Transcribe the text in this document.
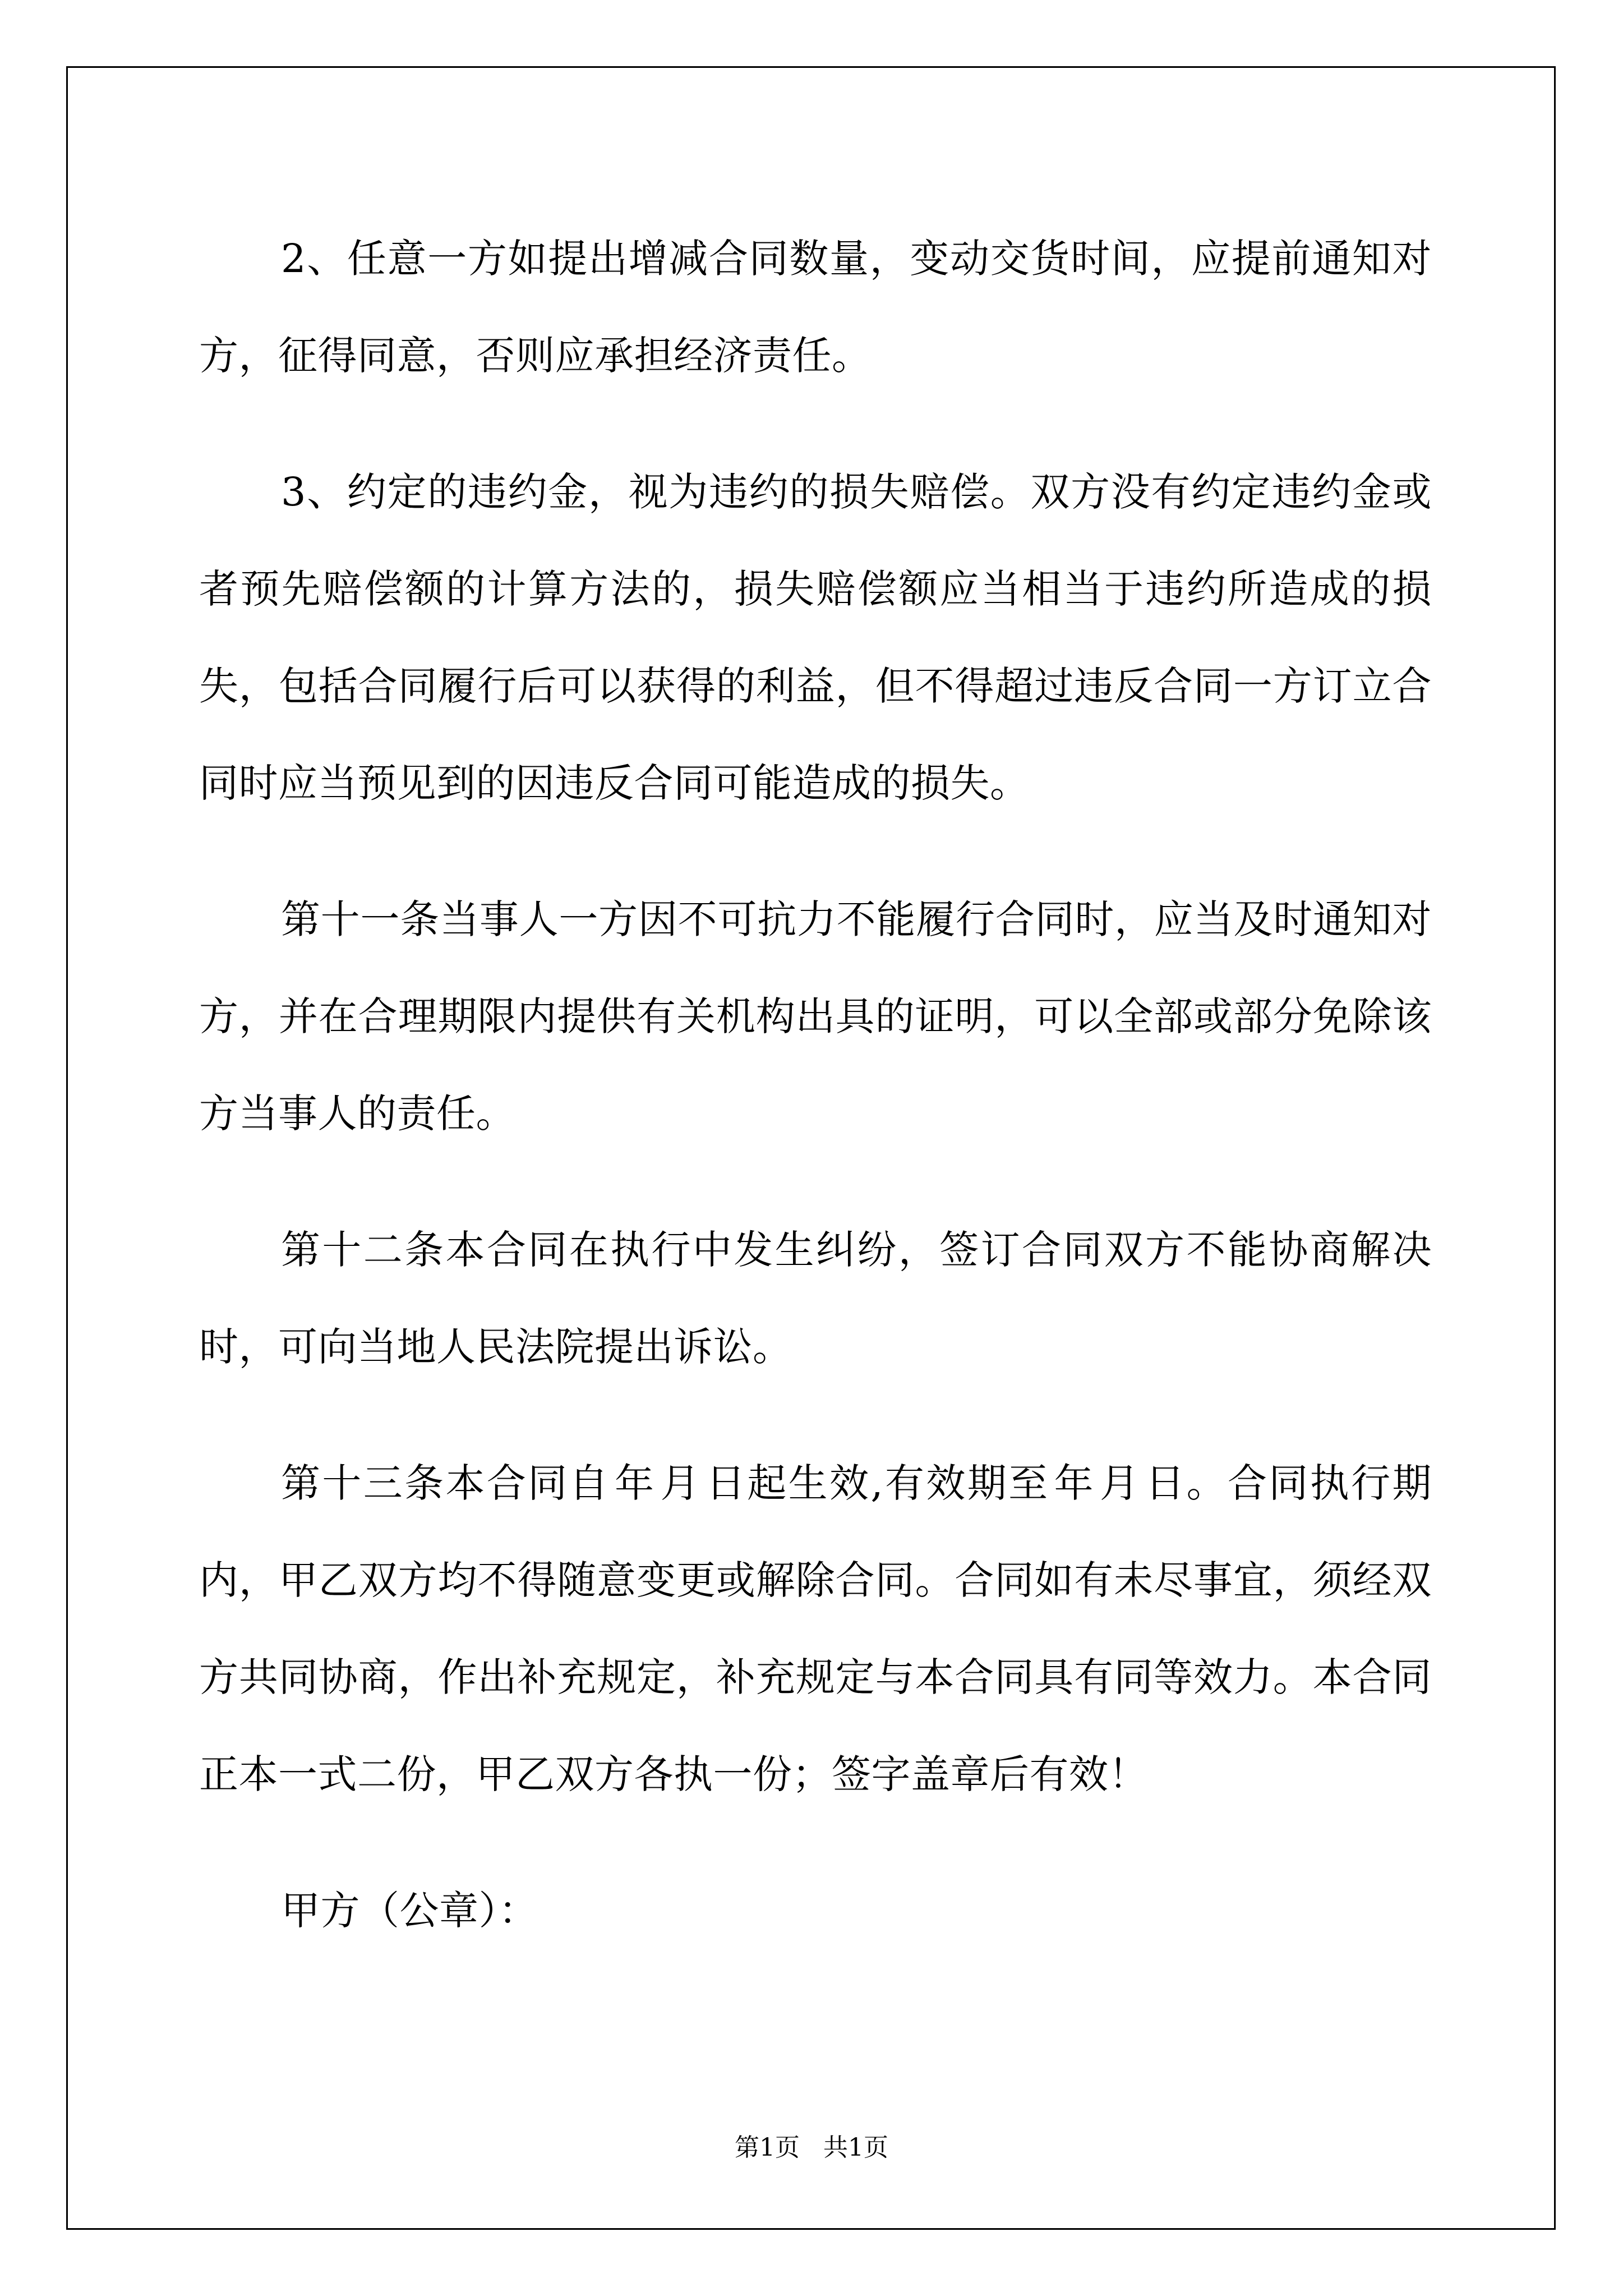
2、任意一方如提出增减合同数量，变动交货时间，应提前通知对方，征得同意，否则应承担经济责任。

3、约定的违约金，视为违约的损失赔偿。双方没有约定违约金或者预先赔偿额的计算方法的，损失赔偿额应当相当于违约所造成的损失，包括合同履行后可以获得的利益，但不得超过违反合同一方订立合同时应当预见到的因违反合同可能造成的损失。

第十一条当事人一方因不可抗力不能履行合同时，应当及时通知对方，并在合理期限内提供有关机构出具的证明，可以全部或部分免除该方当事人的责任。

第十二条本合同在执行中发生纠纷，签订合同双方不能协商解决时，可向当地人民法院提出诉讼。

第十三条本合同自 年 月 日起生效,有效期至 年 月 日。合同执行期内，甲乙双方均不得随意变更或解除合同。合同如有未尽事宜，须经双方共同协商，作出补充规定，补充规定与本合同具有同等效力。本合同正本一式二份，甲乙双方各执一份；签字盖章后有效！

甲方（公章）：

第1页 共1页
